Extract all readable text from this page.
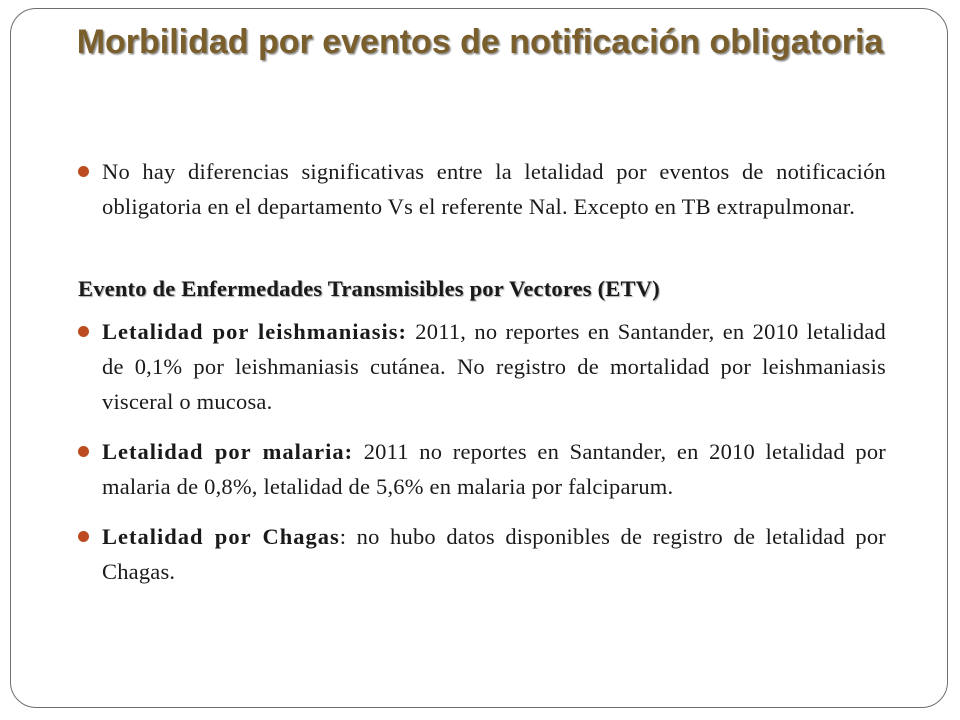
Morbilidad por eventos de notificación obligatoria
No hay diferencias significativas entre la letalidad por eventos de notificación obligatoria en el departamento Vs el referente Nal. Excepto en TB extrapulmonar.
Evento de Enfermedades Transmisibles por Vectores (ETV)
Letalidad por leishmaniasis: 2011, no reportes en Santander, en 2010 letalidad de 0,1% por leishmaniasis cutánea. No registro de mortalidad por leishmaniasis visceral o mucosa.
Letalidad por malaria: 2011 no reportes en Santander, en 2010 letalidad por malaria de 0,8%, letalidad de 5,6% en malaria por falciparum.
Letalidad por Chagas: no hubo datos disponibles de registro de letalidad por Chagas.
